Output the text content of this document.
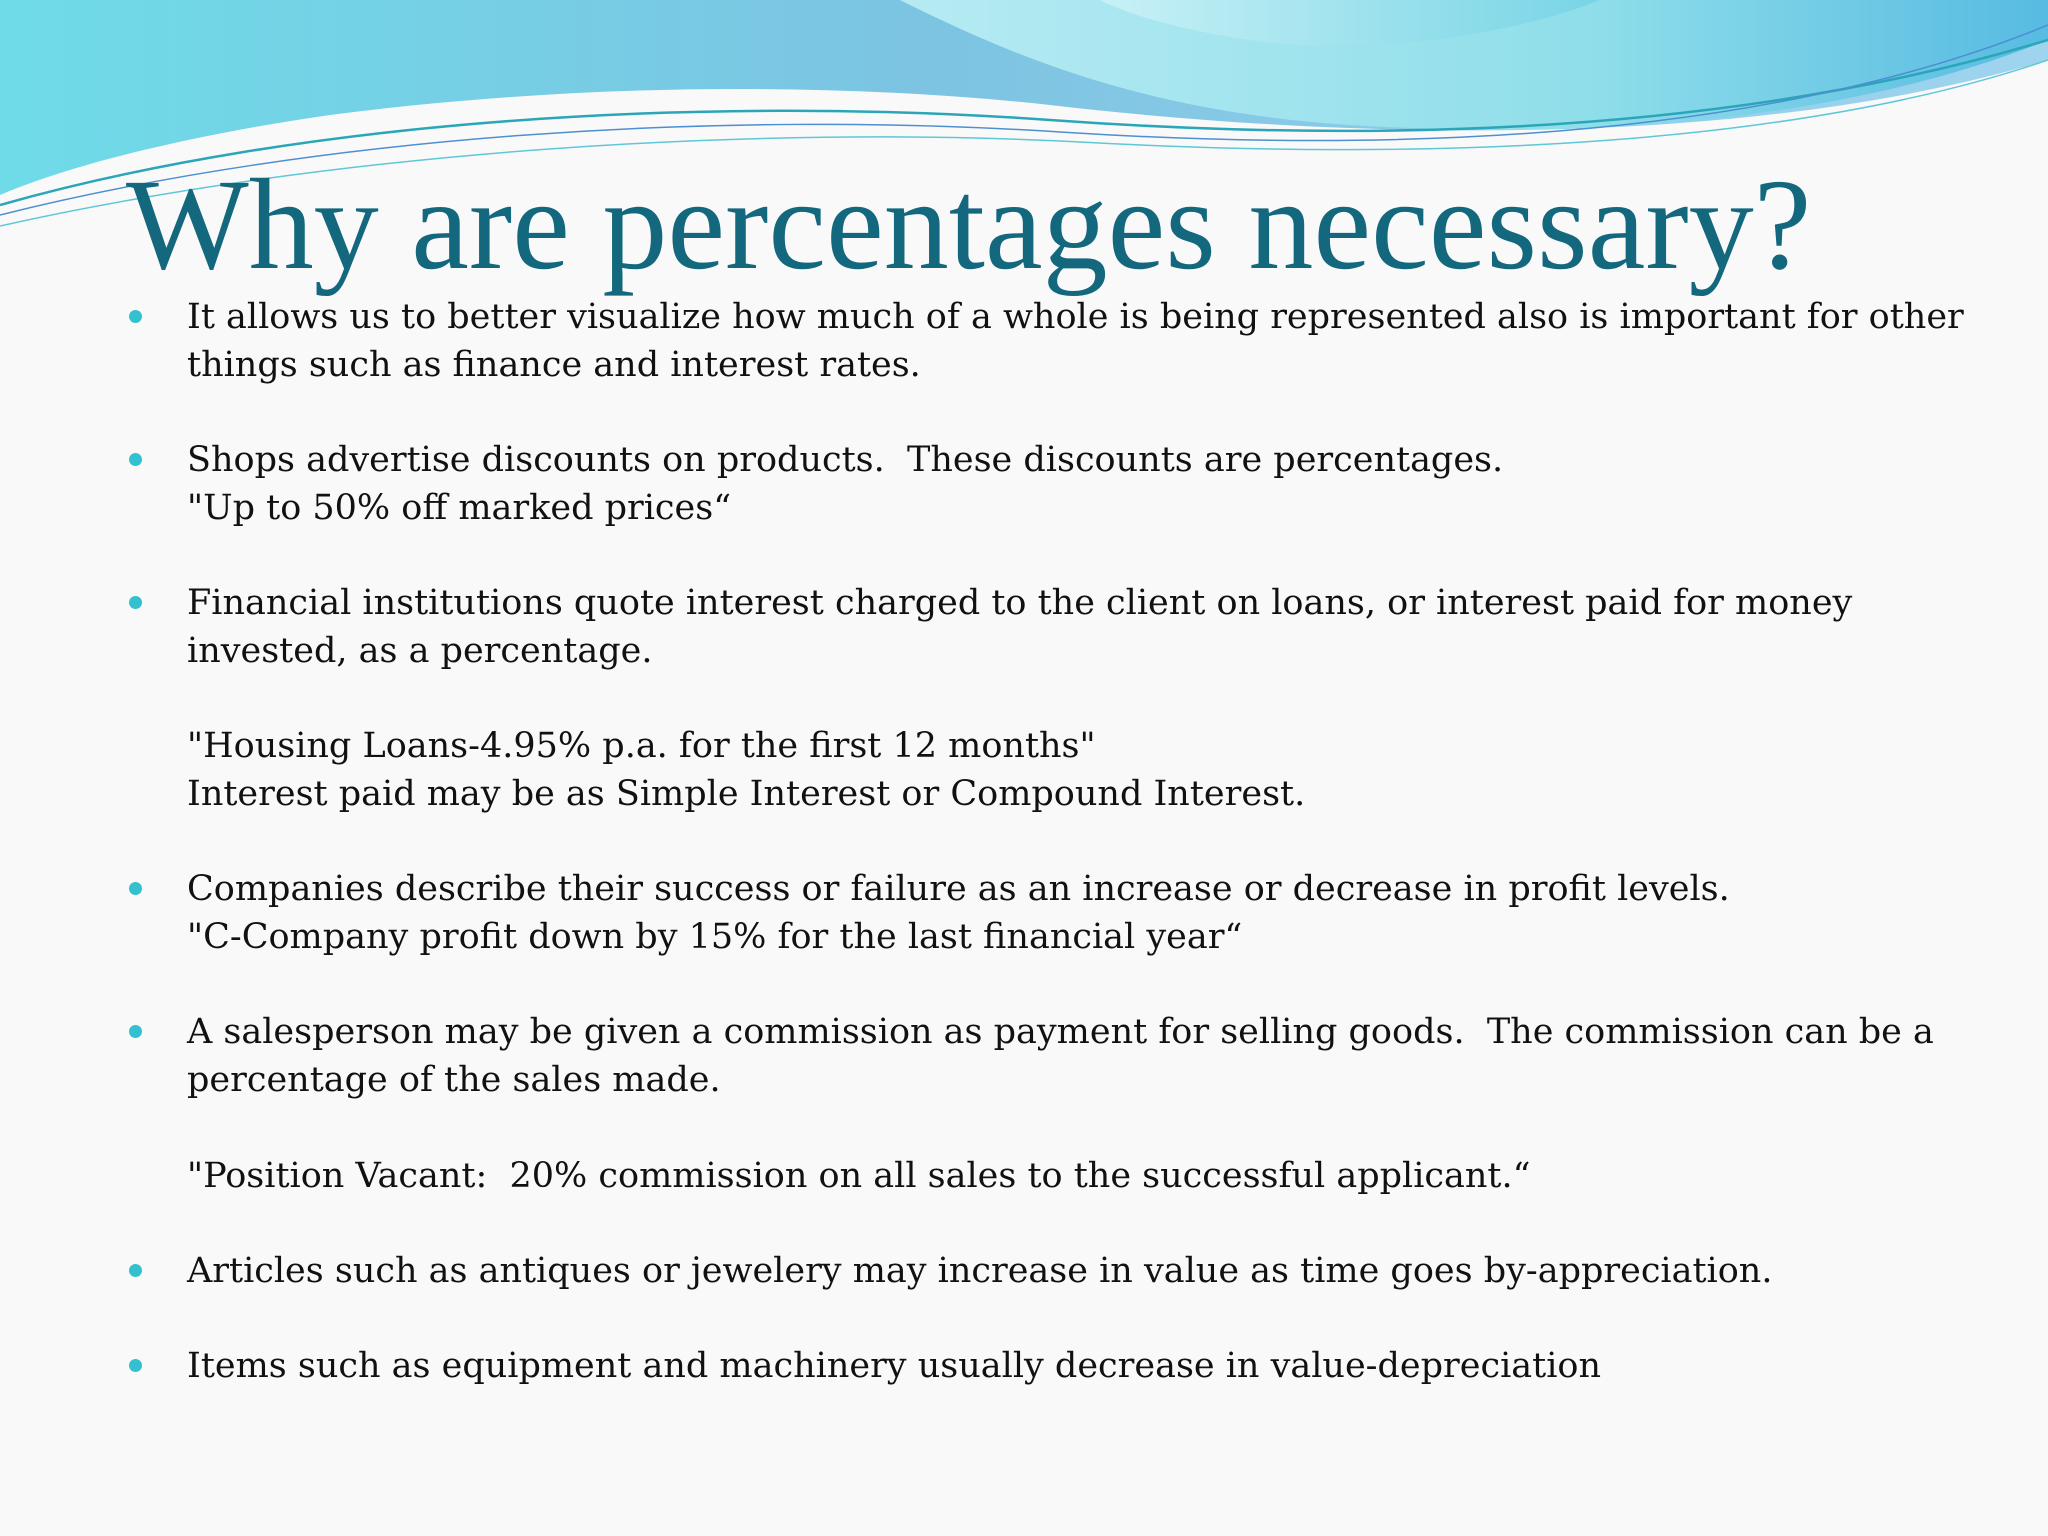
Why are percentages necessary?
It allows us to better visualize how much of a whole is being represented also is important for other
things such as finance and interest rates.
Shops advertise discounts on products.  These discounts are percentages.
"Up to 50% off marked prices“
Financial institutions quote interest charged to the client on loans, or interest paid for money
invested, as a percentage.
"Housing Loans-4.95% p.a. for the first 12 months"
Interest paid may be as Simple Interest or Compound Interest.
Companies describe their success or failure as an increase or decrease in profit levels.
"C-Company profit down by 15% for the last financial year“
A salesperson may be given a commission as payment for selling goods.  The commission can be a
percentage of the sales made.
"Position Vacant:  20% commission on all sales to the successful applicant.“
Articles such as antiques or jewelery may increase in value as time goes by-appreciation.
Items such as equipment and machinery usually decrease in value-depreciation
